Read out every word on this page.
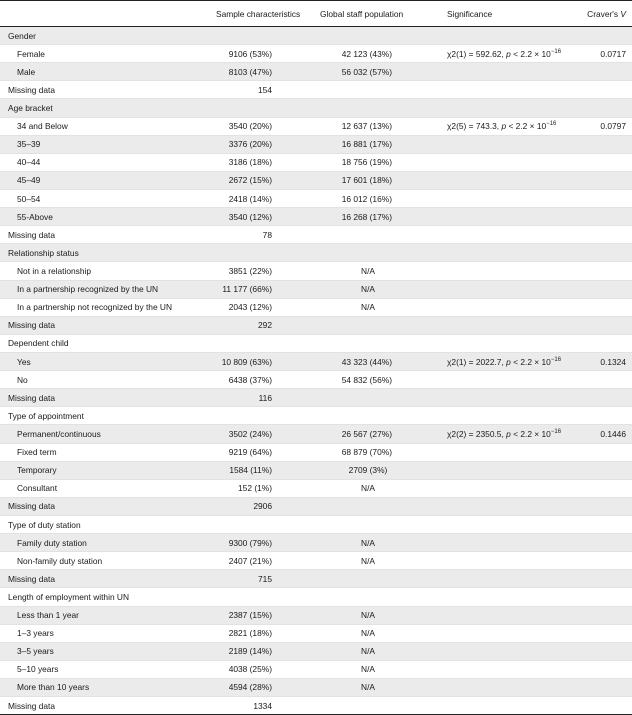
	Sample characteristics	Global staff population	Significance	Craver's V
Gender				
Female	9106 (53%)	42 123 (43%)	χ2(1) = 592.62, $p < 2.2 \times 10^{-16}$	0.0717
Male	8103 (47%)	56 032 (57%)		
Missing data	154			
Age bracket				
34 and Below	3540 (20%)	12 637 (13%)	χ2(5) = 743.3, $p < 2.2 \times 10^{-16}$	0.0797
35–39	3376 (20%)	16 881 (17%)		
40–44	3186 (18%)	18 756 (19%)		
45–49	2672 (15%)	17 601 (18%)		
50–54	2418 (14%)	16 012 (16%)		
55-Above	3540 (12%)	16 268 (17%)		
Missing data	78			
Relationship status				
Not in a relationship	3851 (22%)	N/A		
In a partnership recognized by the UN	11 177 (66%)	N/A		
In a partnership not recognized by the UN	2043 (12%)	N/A		
Missing data	292			
Dependent child				
Yes	10 809 (63%)	43 323 (44%)	χ2(1) = 2022.7, $p < 2.2 \times 10^{-16}$	0.1324
No	6438 (37%)	54 832 (56%)		
Missing data	116			
Type of appointment				
Permanent/continuous	3502 (24%)	26 567 (27%)	χ2(2) = 2350.5, $p < 2.2 \times 10^{-16}$	0.1446
Fixed term	9219 (64%)	68 879 (70%)		
Temporary	1584 (11%)	2709 (3%)		
Consultant	152 (1%)	N/A		
Missing data	2906			
Type of duty station				
Family duty station	9300 (79%)	N/A		
Non-family duty station	2407 (21%)	N/A		
Missing data	715			
Length of employment within UN				
Less than 1 year	2387 (15%)	N/A		
1–3 years	2821 (18%)	N/A		
3–5 years	2189 (14%)	N/A		
5–10 years	4038 (25%)	N/A		
More than 10 years	4594 (28%)	N/A		
Missing data	1334			
